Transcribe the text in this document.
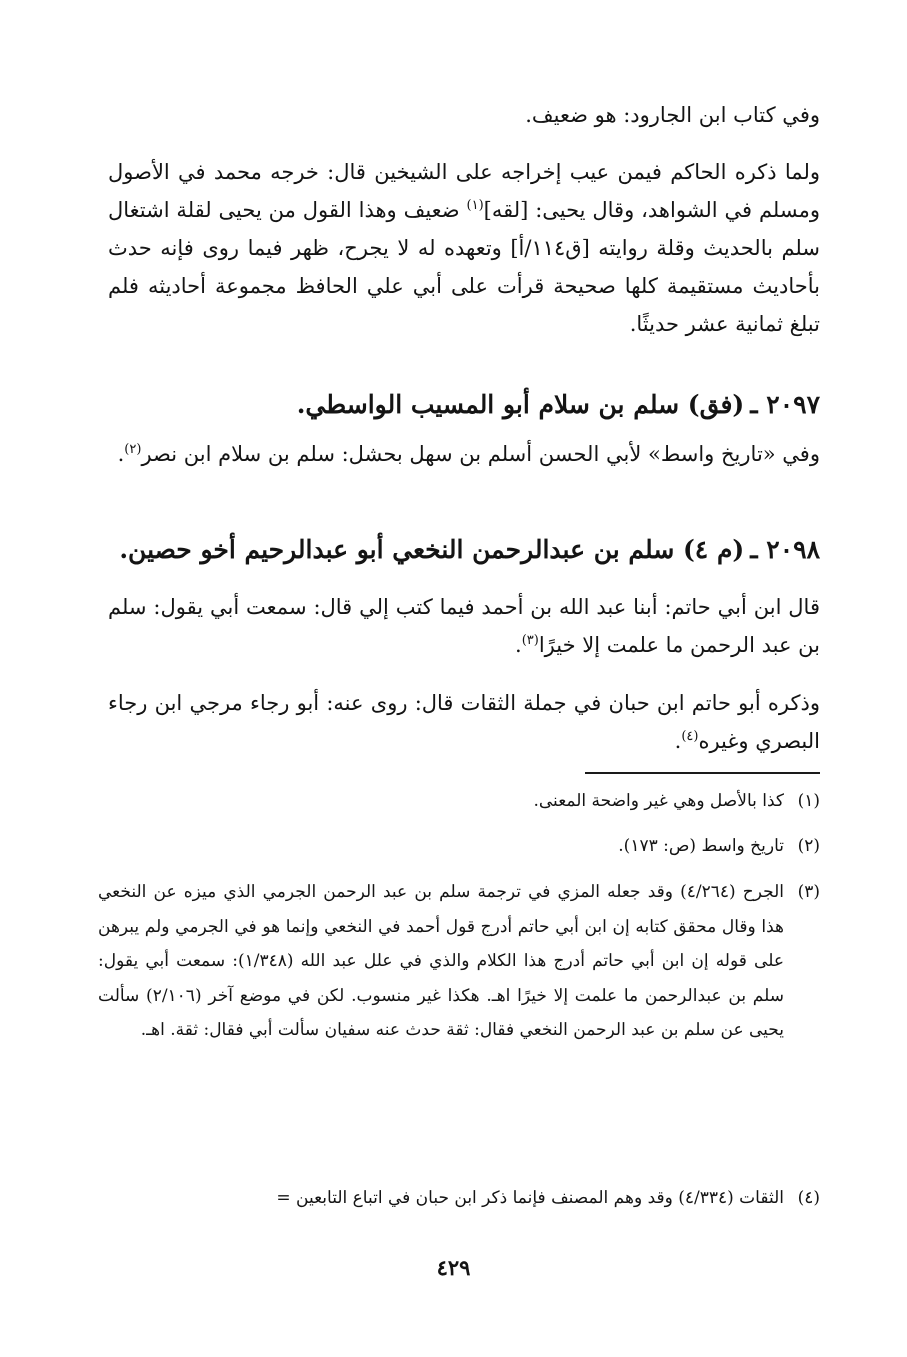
وفي كتاب ابن الجارود: هو ضعيف.

ولما ذكره الحاكم فيمن عيب إخراجه على الشيخين قال: خرجه محمد في الأصول ومسلم في الشواهد، وقال يحيى: [لقه]$^{(١)}$ ضعيف وهذا القول من يحيى لقلة اشتغال سلم بالحديث وقلة روايته [ق١١٤/أ] وتعهده له لا يجرح، ظهر فيما روى فإنه حدث بأحاديث مستقيمة كلها صحيحة قرأت على أبي علي الحافظ مجموعة أحاديثه فلم تبلغ ثمانية عشر حديثًا.

٢٠٩٧ ـ(فق) سلم بن سلام أبو المسيب الواسطي.

وفي «تاريخ واسط» لأبي الحسن أسلم بن سهل بحشل: سلم بن سلام ابن نصر$^{(٢)}$.

٢٠٩٨ ـ(م ٤) سلم بن عبدالرحمن النخعي أبو عبدالرحيم أخو حصين.

قال ابن أبي حاتم: أبنا عبد الله بن أحمد فيما كتب إلي قال: سمعت أبي يقول: سلم بن عبد الرحمن ما علمت إلا خيرًا$^{(٣)}$.

وذكره أبو حاتم ابن حبان في جملة الثقات قال: روى عنه: أبو رجاء مرجي ابن رجاء البصري وغيره$^{(٤)}$.

(١)كذا بالأصل وهي غير واضحة المعنى.
(٢)تاريخ واسط (ص: ١٧٣).
(٣)
الجرح (٤/٢٦٤) وقد جعله المزي في ترجمة سلم بن عبد الرحمن الجرمي الذي ميزه عن النخعي هذا وقال محقق كتابه إن ابن أبي حاتم أدرج قول أحمد في النخعي وإنما هو في الجرمي ولم يبرهن على قوله إن ابن أبي حاتم أدرج هذا الكلام والذي في علل عبد الله (١/٣٤٨): سمعت أبي يقول: سلم بن عبدالرحمن ما علمت إلا خيرًا اهـ. هكذا غير منسوب. لكن في موضع آخر (٢/١٠٦) سألت يحيى عن سلم بن عبد الرحمن النخعي فقال: ثقة حدث عنه سفيان سألت أبي فقال: ثقة. اهـ.
(٤)الثقات (٤/٣٣٤) وقد وهم المصنف فإنما ذكر ابن حبان في اتباع التابعين =
٤٢٩
